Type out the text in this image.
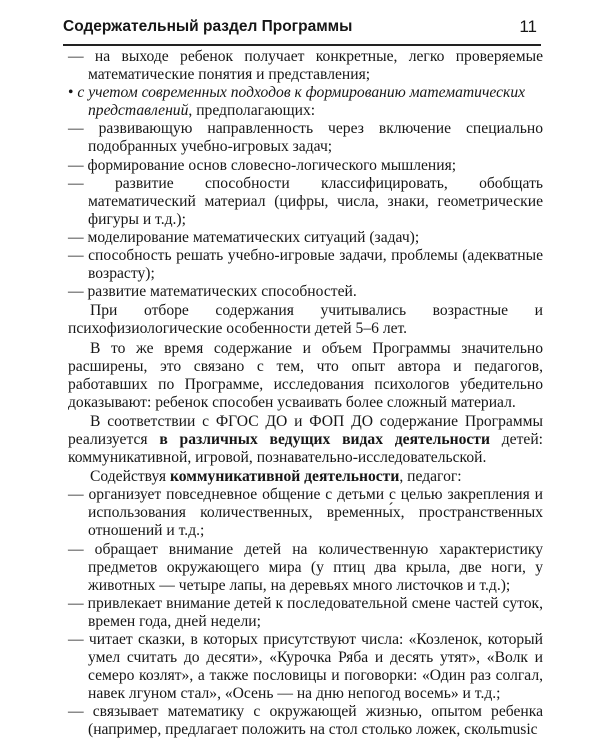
Содержательный раздел Программы	11

— на выходе ребенок получает конкретные, легко проверяемые математические понятия и представления;

• с учетом современных подходов к формированию математических представлений, предполагающих:

— развивающую направленность через включение специально подобранных учебно-игровых задач;

— формирование основ словесно-логического мышления;

— развитие способности классифицировать, обобщать математический материал (цифры, числа, знаки, геометрические фигуры и т.д.);

— моделирование математических ситуаций (задач);

— способность решать учебно-игровые задачи, проблемы (адекватные возрасту);

— развитие математических способностей.

При отборе содержания учитывались возрастные и психофизиологические особенности детей 5–6 лет.

В то же время содержание и объем Программы значительно расширены, это связано с тем, что опыт автора и педагогов, работавших по Программе, исследования психологов убедительно доказывают: ребенок способен усваивать более сложный материал.

В соответствии с ФГОС ДО и ФОП ДО содержание Программы реализуется в различных ведущих видах деятельности детей: коммуникативной, игровой, познавательно-исследовательской.

Содействуя коммуникативной деятельности, педагог:

— организует повседневное общение с детьми с целью закрепления и использования количественных, временны́х, пространственных отношений и т.д.;

— обращает внимание детей на количественную характеристику предметов окружающего мира (у птиц два крыла, две ноги, у животных — четыре лапы, на деревьях много листочков и т.д.);

— привлекает внимание детей к последовательной смене частей суток, времен года, дней недели;

— читает сказки, в которых присутствуют числа: «Козленок, который умел считать до десяти», «Курочка Ряба и десять утят», «Волк и семеро козлят», а также пословицы и поговорки: «Один раз солгал, навек лгуном стал», «Осень — на дню непогод восемь» и т.д.;

— связывает математику с окружающей жизнью, опытом ребенка (например, предлагает положить на стол столько ложек, скольmusic
